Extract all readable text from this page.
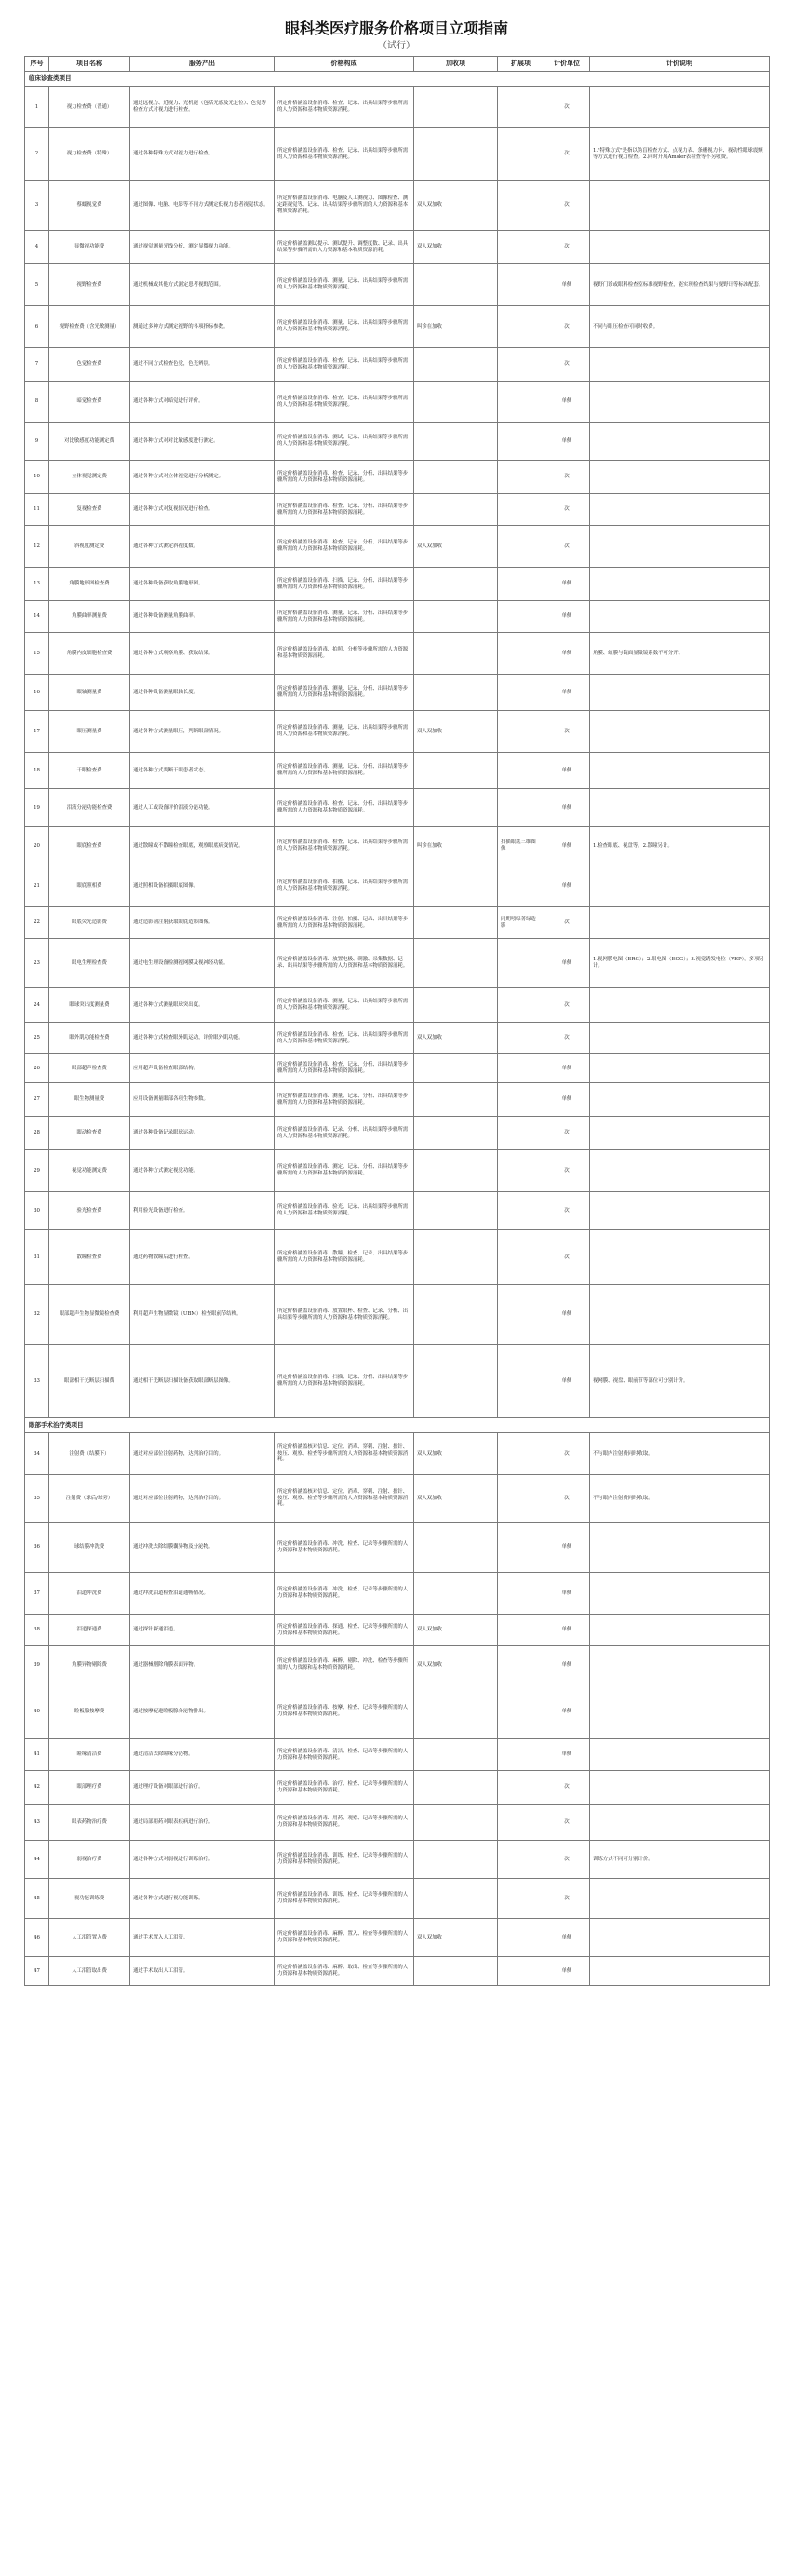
眼科类医疗服务价格项目立项指南
（试行）
序号	项目名称	服务产出	价格构成	加收项	扩展项	计价单位	计价说明
临床诊查类项目							
1	视力检查费（普通）	通过远视力、近视力、光机能（包括光感及光定位）、色觉等检查方式对视力进行检查。	所定价格涵盖设备消毒、检查、记录、出具结果等步骤所需的人力资源和基本物质资源消耗。			次	
2	视力检查费（特殊）	通过各种特殊方式对视力进行检查。	所定价格涵盖设备消毒、检查、记录、出具结果等步骤所需的人力资源和基本物质资源消耗。			次	1."特殊方式"是指以伪盲检查方式、点视力表、条栅视力卡、视动性眼球震颤等方式进行视力检查。2.同时开展Amsler表检查等不另收费。
3	蔡蠕视觉费	通过图像、电脑、电影等不同方式测定低视力患者视觉状态。	所定价格涵盖设备消毒、电脑及人工测视力、图像检查、测定距视觉等、记录、出具结果等步骤所需的人力资源和基本物质资源消耗。	双人双加收		次	
4	显微视功能费	通过视觉测量光线分析、测定显微视力功能。	所定价格涵盖测试提示、测试提升、调整度数、记录、出具结果等步骤所需的人力资源和基本物质资源消耗。	双人双加收		次	
5	视野检查费	通过机械或其他方式测定患者视野范围。	所定价格涵盖设备消毒、测量、记录、出具结果等步骤所需的人力资源和基本物质资源消耗。			单侧	视野门诊或眼科检查室标准视野检查，能实现检查结果与视野计等标准配套。
6	视野检查费（含光敏测量）	测通过多种方式测定视野的各项指标参数。	所定价格涵盖设备消毒、测量、记录、出具结果等步骤所需的人力资源和基本物质资源消耗。	叫诊在加收		次	不同与眼压检查可同时收费。
7	色觉检查费	通过不同方式检查色觉，色光辨别。	所定价格涵盖设备消毒、检查、记录、出具结果等步骤所需的人力资源和基本物质资源消耗。			次	
8	暗觉检查费	通过各种方式对暗觉进行评价。	所定价格涵盖设备消毒、检查、记录、出具结果等步骤所需的人力资源和基本物质资源消耗。			单侧	
9	对比敏感度功能测定费	通过各种方式对对比敏感度进行测定。	所定价格涵盖设备消毒、测试、记录、出具结果等步骤所需的人力资源和基本物质资源消耗。			单侧	
10	立体视觉测定费	通过各种方式对立体视觉进行分析测定。	所定价格涵盖设备消毒、检查、记录、分析、出具结果等步骤所需的人力资源和基本物质资源消耗。			次	
11	复视检查费	通过各种方式对复视情况进行检查。	所定价格涵盖设备消毒、检查、记录、分析、出具结果等步骤所需的人力资源和基本物质资源消耗。			次	
12	斜视度测定费	通过各种方式测定斜视度数。	所定价格涵盖设备消毒、检查、记录、分析、出具结果等步骤所需的人力资源和基本物质资源消耗。	双人双加收		次	
13	角膜地形图检查费	通过各种设备获取角膜地形图。	所定价格涵盖设备消毒、扫描、记录、分析、出具结果等步骤所需的人力资源和基本物质资源消耗。			单侧	
14	角膜曲率测量费	通过各种设备测量角膜曲率。	所定价格涵盖设备消毒、测量、记录、分析、出具结果等步骤所需的人力资源和基本物质资源消耗。			单侧	
15	角膜内皮细胞检查费	通过各种方式观察角膜、获取结果。	所定价格涵盖设备消毒、拍照、分析等步骤所需的人力资源和基本物质资源消耗。			单侧	角膜、虹膜与镜面显微镜系数不可分开。
16	眼轴测量费	通过各种设备测量眼轴长度。	所定价格涵盖设备消毒、测量、记录、分析、出具结果等步骤所需的人力资源和基本物质资源消耗。			单侧	
17	眼压测量费	通过各种方式测量眼压，判断眼部情况。	所定价格涵盖设备消毒、测量、记录、出具结果等步骤所需的人力资源和基本物质资源消耗。	双人双加收		次	
18	干眼检查费	通过各种方式判断干眼患者状态。	所定价格涵盖设备消毒、测量、记录、分析、出具结果等步骤所需的人力资源和基本物质资源消耗。			单侧	
19	泪液分泌功能检查费	通过人工或设备评价泪液分泌功能。	所定价格涵盖设备消毒、检查、记录、分析、出具结果等步骤所需的人力资源和基本物质资源消耗。			单侧	
20	眼底检查费	通过散瞳或不散瞳检查眼底，观察眼底病变情况。	所定价格涵盖设备消毒、检查、记录、出具结果等步骤所需的人力资源和基本物质资源消耗。	叫诊在加收	扫描眼底三维图像	单侧	1.检查眼底、视盘等。2.散瞳另计。
21	眼底照相费	通过照相设备拍摄眼底图像。	所定价格涵盖设备消毒、拍摄、记录、出具结果等步骤所需的人力资源和基本物质资源消耗。			单侧	
22	眼底荧光造影费	通过造影剂注射获取眼底造影图像。	所定价格涵盖设备消毒、注射、拍摄、记录、出具结果等步骤所需的人力资源和基本物质资源消耗。		同期吲哚菁绿造影	次	
23	眼电生理检查费	通过电生理设备检测视网膜及视神经功能。	所定价格涵盖设备消毒、放置电极、刺激、采集数据、记录、出具结果等步骤所需的人力资源和基本物质资源消耗。			单侧	1.视网膜电图（ERG）；2.眼电图（EOG）；3.视觉诱发电位（VEP）。多项另计。
24	眼球突出度测量费	通过各种方式测量眼球突出度。	所定价格涵盖设备消毒、测量、记录、出具结果等步骤所需的人力资源和基本物质资源消耗。			次	
25	眼外肌功能检查费	通过各种方式检查眼外肌运动，评价眼外肌功能。	所定价格涵盖设备消毒、检查、记录、出具结果等步骤所需的人力资源和基本物质资源消耗。	双人双加收		次	
26	眼部超声检查费	应用超声设备检查眼部结构。	所定价格涵盖设备消毒、检查、记录、分析、出具结果等步骤所需的人力资源和基本物质资源消耗。			单侧	
27	眼生物测量费	应用设备测量眼部各项生物参数。	所定价格涵盖设备消毒、测量、记录、分析、出具结果等步骤所需的人力资源和基本物质资源消耗。			单侧	
28	眼动检查费	通过各种设备记录眼球运动。	所定价格涵盖设备消毒、记录、分析、出具结果等步骤所需的人力资源和基本物质资源消耗。			次	
29	视觉功能测定费	通过各种方式测定视觉功能。	所定价格涵盖设备消毒、测定、记录、分析、出具结果等步骤所需的人力资源和基本物质资源消耗。			次	
30	验光检查费	利用验光设备进行检查。	所定价格涵盖设备消毒、验光、记录、出具结果等步骤所需的人力资源和基本物质资源消耗。			次	
31	散瞳检查费	通过药物散瞳后进行检查。	所定价格涵盖设备消毒、散瞳、检查、记录、出具结果等步骤所需的人力资源和基本物质资源消耗。			次	
32	眼部超声生物显微镜检查费	利用超声生物显微镜（UBM）检查眼前节结构。	所定价格涵盖设备消毒、放置眼杯、检查、记录、分析、出具结果等步骤所需的人力资源和基本物质资源消耗。			单侧	
33	眼部相干光断层扫描费	通过相干光断层扫描设备获取眼部断层图像。	所定价格涵盖设备消毒、扫描、记录、分析、出具结果等步骤所需的人力资源和基本物质资源消耗。			单侧	视网膜、视盘、眼前节等部位可分别计价。
眼部手术治疗类项目							
34	注射费（结膜下）	通过对应部位注射药物，达到治疗目的。	所定价格涵盖核对信息、定位、消毒、穿刺、注射、拔针、按压、观察、检查等步骤所需的人力资源和基本物质资源消耗。	双人双加收		次	不与眼内注射费同时收取。
35	注射费（球后/球旁）	通过对应部位注射药物，达到治疗目的。	所定价格涵盖核对信息、定位、消毒、穿刺、注射、拔针、按压、观察、检查等步骤所需的人力资源和基本物质资源消耗。	双人双加收		次	不与眼内注射费同时收取。
36	球结膜冲洗费	通过冲洗去除结膜囊异物及分泌物。	所定价格涵盖设备消毒、冲洗、检查、记录等步骤所需的人力资源和基本物质资源消耗。			单侧	
37	泪道冲洗费	通过冲洗泪道检查泪道通畅情况。	所定价格涵盖设备消毒、冲洗、检查、记录等步骤所需的人力资源和基本物质资源消耗。			单侧	
38	泪道探通费	通过探针探通泪道。	所定价格涵盖设备消毒、探通、检查、记录等步骤所需的人力资源和基本物质资源消耗。	双人双加收		单侧	
39	角膜异物剔除费	通过器械剔除角膜表面异物。	所定价格涵盖设备消毒、麻醉、剔除、冲洗、检查等步骤所需的人力资源和基本物质资源消耗。	双人双加收		单侧	
40	睑板腺按摩费	通过按摩促进睑板腺分泌物排出。	所定价格涵盖设备消毒、按摩、检查、记录等步骤所需的人力资源和基本物质资源消耗。			单侧	
41	睑缘清洁费	通过清洁去除睑缘分泌物。	所定价格涵盖设备消毒、清洁、检查、记录等步骤所需的人力资源和基本物质资源消耗。			单侧	
42	眼部理疗费	通过理疗设备对眼部进行治疗。	所定价格涵盖设备消毒、治疗、检查、记录等步骤所需的人力资源和基本物质资源消耗。			次	
43	眼表药物治疗费	通过局部用药对眼表疾病进行治疗。	所定价格涵盖设备消毒、用药、观察、记录等步骤所需的人力资源和基本物质资源消耗。			次	
44	弱视治疗费	通过各种方式对弱视进行训练治疗。	所定价格涵盖设备消毒、训练、检查、记录等步骤所需的人力资源和基本物质资源消耗。			次	训练方式不同可分别计价。
45	视功能训练费	通过各种方式进行视功能训练。	所定价格涵盖设备消毒、训练、检查、记录等步骤所需的人力资源和基本物质资源消耗。			次	
46	人工泪管置入费	通过手术置入人工泪管。	所定价格涵盖设备消毒、麻醉、置入、检查等步骤所需的人力资源和基本物质资源消耗。	双人双加收		单侧	
47	人工泪管取出费	通过手术取出人工泪管。	所定价格涵盖设备消毒、麻醉、取出、检查等步骤所需的人力资源和基本物质资源消耗。			单侧	
